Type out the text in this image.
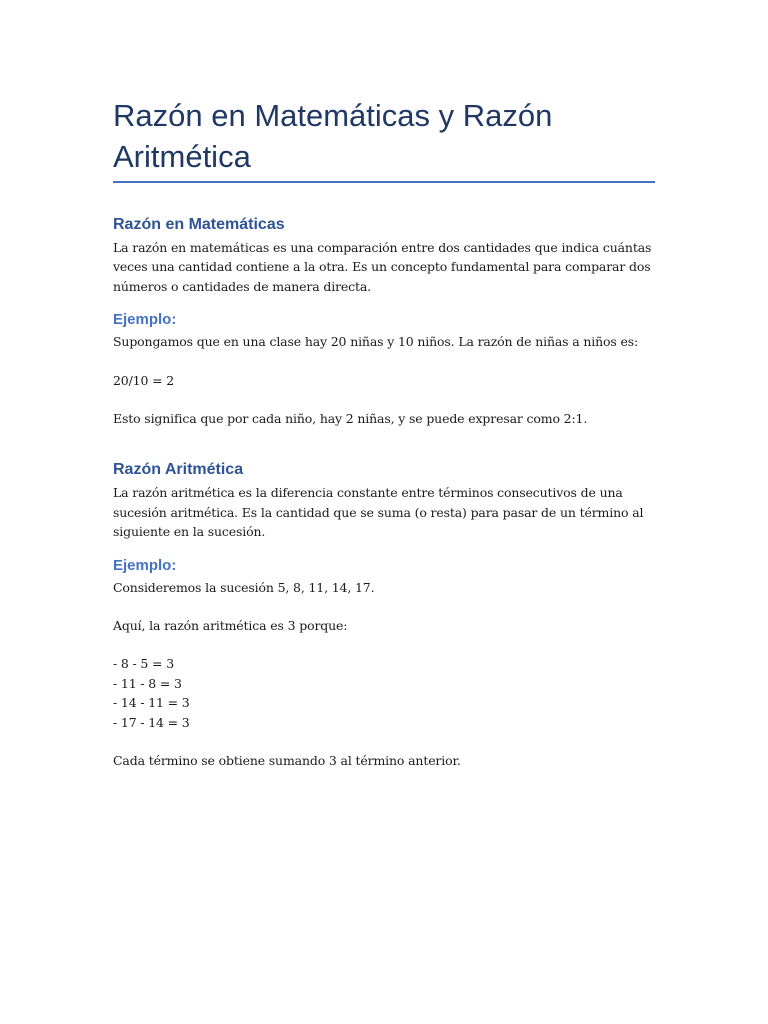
Razón en Matemáticas y Razón Aritmética
Razón en Matemáticas

La razón en matemáticas es una comparación entre dos cantidades que indica cuántas veces una cantidad contiene a la otra. Es un concepto fundamental para comparar dos números o cantidades de manera directa.

Ejemplo:

Supongamos que en una clase hay 20 niñas y 10 niños. La razón de niñas a niños es:

20/10 = 2

Esto significa que por cada niño, hay 2 niñas, y se puede expresar como 2:1.

Razón Aritmética

La razón aritmética es la diferencia constante entre términos consecutivos de una sucesión aritmética. Es la cantidad que se suma (o resta) para pasar de un término al siguiente en la sucesión.

Ejemplo:

Consideremos la sucesión 5, 8, 11, 14, 17.

Aquí, la razón aritmética es 3 porque:

- 8 - 5 = 3
- 11 - 8 = 3
- 14 - 11 = 3
- 17 - 14 = 3

Cada término se obtiene sumando 3 al término anterior.
